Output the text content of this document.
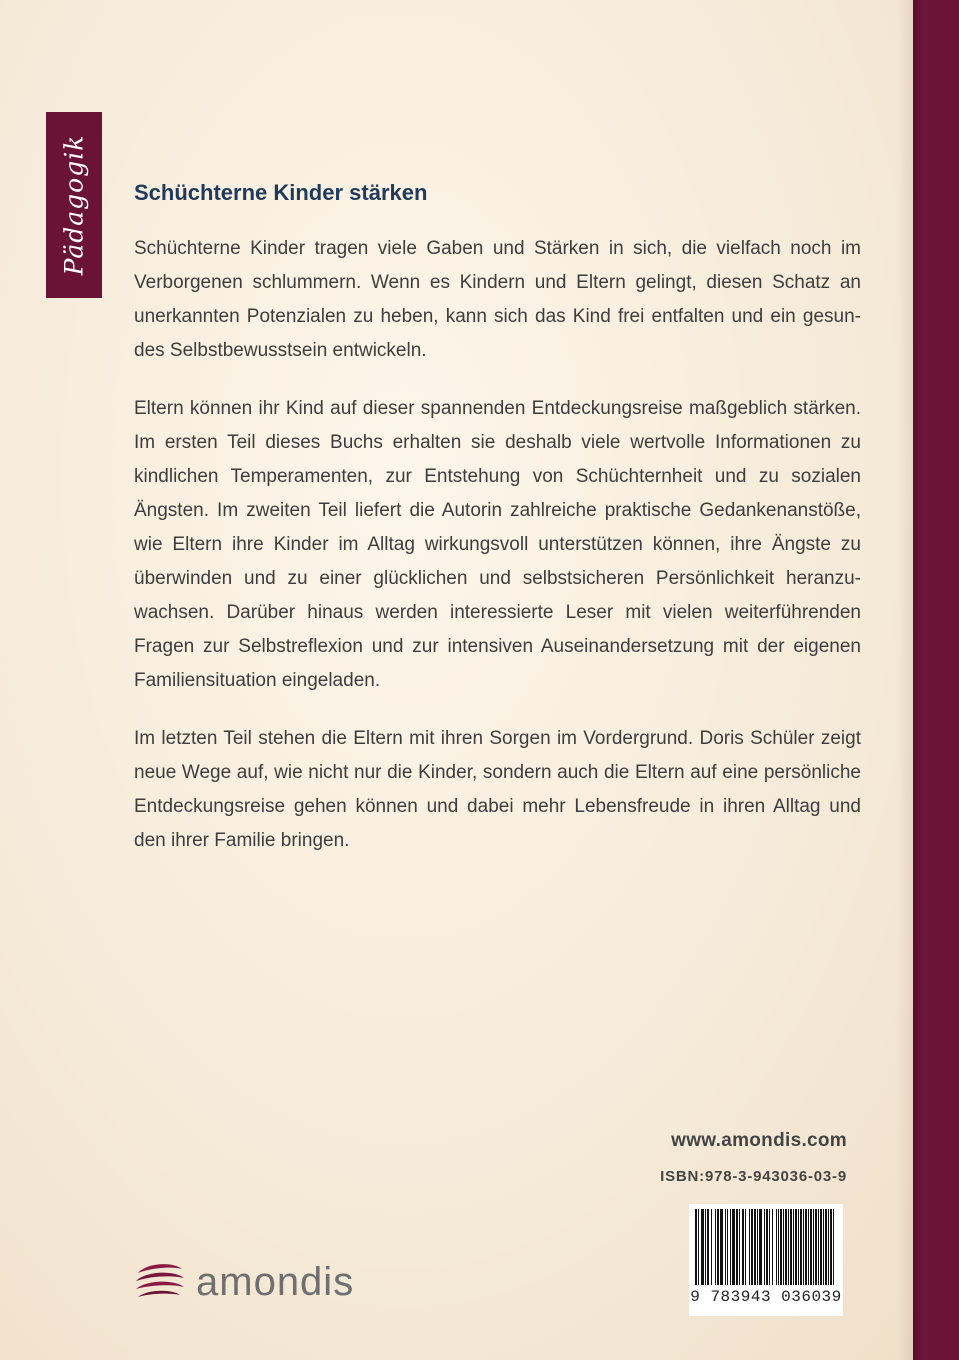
Pädagogik Schüchterne Kinder stärken

Schüchterne Kinder tragen viele Gaben und Stärken in sich, die vielfach noch im Verborgenen schlummern. Wenn es Kindern und Eltern gelingt, diesen Schatz an unerkannten Potenzialen zu heben, kann sich das Kind frei entfalten und ein gesundes Selbstbewusstsein entwickeln.

Eltern können ihr Kind auf dieser spannenden Entdeckungsreise maßgeblich stärken. Im ersten Teil dieses Buchs erhalten sie deshalb viele wertvolle Informationen zu kindlichen Temperamenten, zur Entstehung von Schüchternheit und zu sozialen Ängsten. Im zweiten Teil liefert die Autorin zahlreiche praktische Gedankenanstöße, wie Eltern ihre Kinder im Alltag wirkungsvoll unterstützen können, ihre Ängste zu überwinden und zu einer glücklichen und selbstsicheren Persönlichkeit heranzuwachsen. Darüber hinaus werden interessierte Leser mit vielen weiterführenden Fragen zur Selbstreflexion und zur intensiven Auseinandersetzung mit der eigenen Familiensituation eingeladen.

Im letzten Teil stehen die Eltern mit ihren Sorgen im Vordergrund. Doris Schüler zeigt neue Wege auf, wie nicht nur die Kinder, sondern auch die Eltern auf eine persönliche Entdeckungsreise gehen können und dabei mehr Lebensfreude in ihren Alltag und den ihrer Familie bringen.

www.amondis.com
ISBN:978-3-943036-03-9
9 783943 036039
amondis
